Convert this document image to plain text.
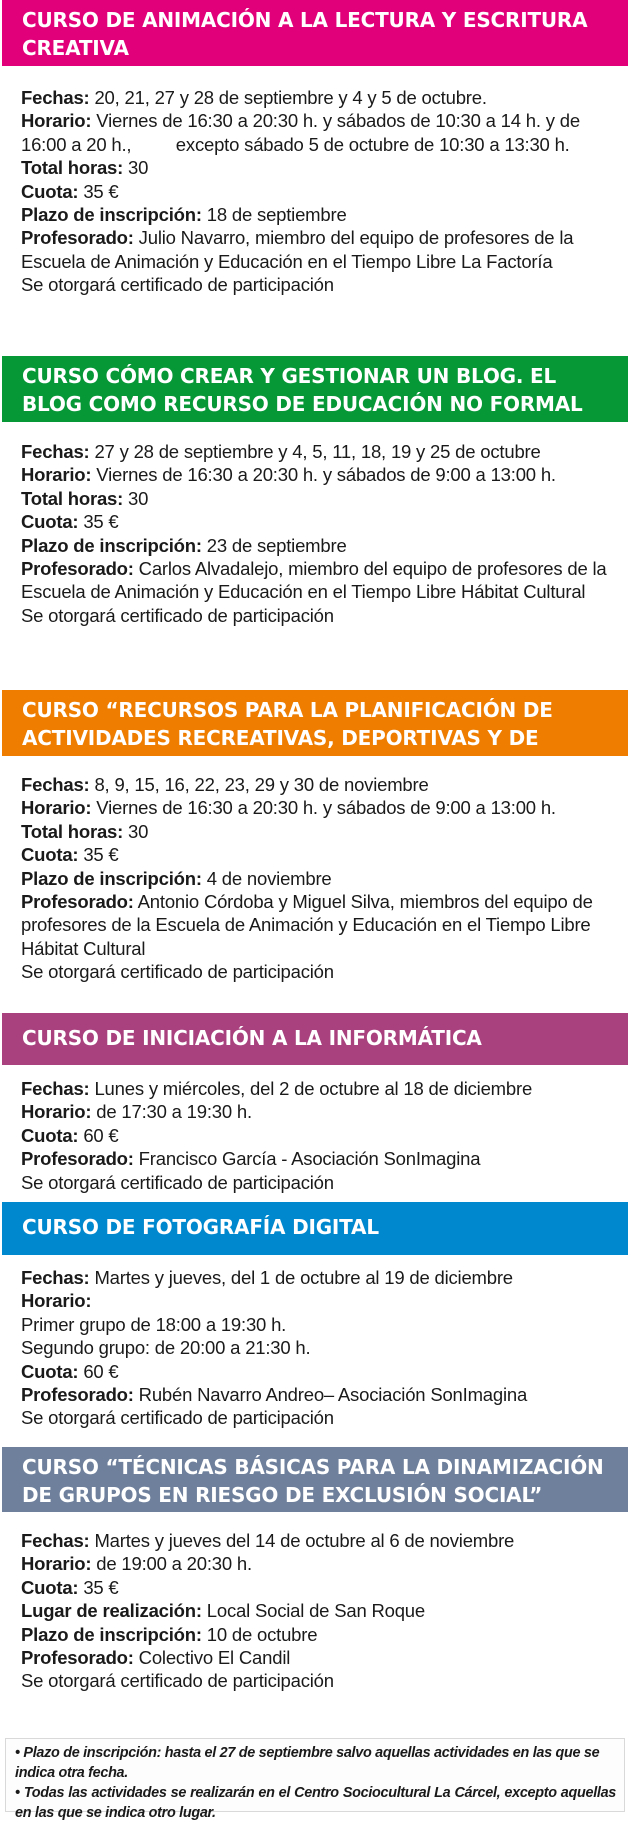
CURSO DE ANIMACIÓN A LA LECTURA Y ESCRITURA CREATIVA
Fechas: 20, 21, 27 y 28 de septiembre y 4 y 5 de octubre.
Horario: Viernes de 16:30 a 20:30 h. y sábados de 10:30 a 14 h. y de 16:00 a 20 h.,         excepto sábado 5 de octubre de 10:30 a 13:30 h.
Total horas: 30
Cuota: 35 €
Plazo de inscripción: 18 de septiembre
Profesorado: Julio Navarro, miembro del equipo de profesores de la Escuela de Animación y Educación en el Tiempo Libre La Factoría
Se otorgará certificado de participación
CURSO CÓMO CREAR Y GESTIONAR UN BLOG. EL BLOG COMO RECURSO DE EDUCACIÓN NO FORMAL
Fechas: 27 y 28 de septiembre y 4, 5, 11, 18, 19 y 25 de octubre
Horario: Viernes de 16:30 a 20:30 h. y sábados de 9:00 a 13:00 h.
Total horas: 30
Cuota: 35 €
Plazo de inscripción: 23 de septiembre
Profesorado: Carlos Alvadalejo, miembro del equipo de profesores de la Escuela de Animación y Educación en el Tiempo Libre Hábitat Cultural
Se otorgará certificado de participación
CURSO “RECURSOS PARA LA PLANIFICACIÓN DE ACTIVIDADES RECREATIVAS, DEPORTIVAS Y DE OCIO”
Fechas: 8, 9, 15, 16, 22, 23, 29 y 30 de noviembre
Horario: Viernes de 16:30 a 20:30 h. y sábados de 9:00 a 13:00 h.
Total horas: 30
Cuota: 35 €
Plazo de inscripción: 4 de noviembre
Profesorado: Antonio Córdoba y Miguel Silva, miembros del equipo de profesores de la Escuela de Animación y Educación en el Tiempo Libre Hábitat Cultural
Se otorgará certificado de participación
CURSO DE INICIACIÓN A LA INFORMÁTICA
Fechas: Lunes y miércoles, del 2 de octubre al 18 de diciembre
Horario: de 17:30 a 19:30 h.
Cuota: 60 €
Profesorado: Francisco García - Asociación SonImagina
Se otorgará certificado de participación
CURSO DE FOTOGRAFÍA DIGITAL
Fechas: Martes y jueves, del 1 de octubre al 19 de diciembre
Horario:
Primer grupo de 18:00 a 19:30 h.
Segundo grupo: de 20:00 a 21:30 h.
Cuota: 60 €
Profesorado: Rubén Navarro Andreo– Asociación SonImagina
Se otorgará certificado de participación
CURSO “TÉCNICAS BÁSICAS PARA LA DINAMIZACIÓN DE GRUPOS EN RIESGO DE EXCLUSIÓN SOCIAL”
Fechas: Martes y jueves del 14 de octubre al 6 de noviembre
Horario: de 19:00 a 20:30 h.
Cuota: 35 €
Lugar de realización: Local Social de San Roque
Plazo de inscripción: 10 de octubre
Profesorado: Colectivo El Candil
Se otorgará certificado de participación

• Plazo de inscripción: hasta el 27 de septiembre salvo aquellas actividades en las que se indica otra fecha.

• Todas las actividades se realizarán en el Centro Sociocultural La Cárcel, excepto aquellas en las que se indica otro lugar.
